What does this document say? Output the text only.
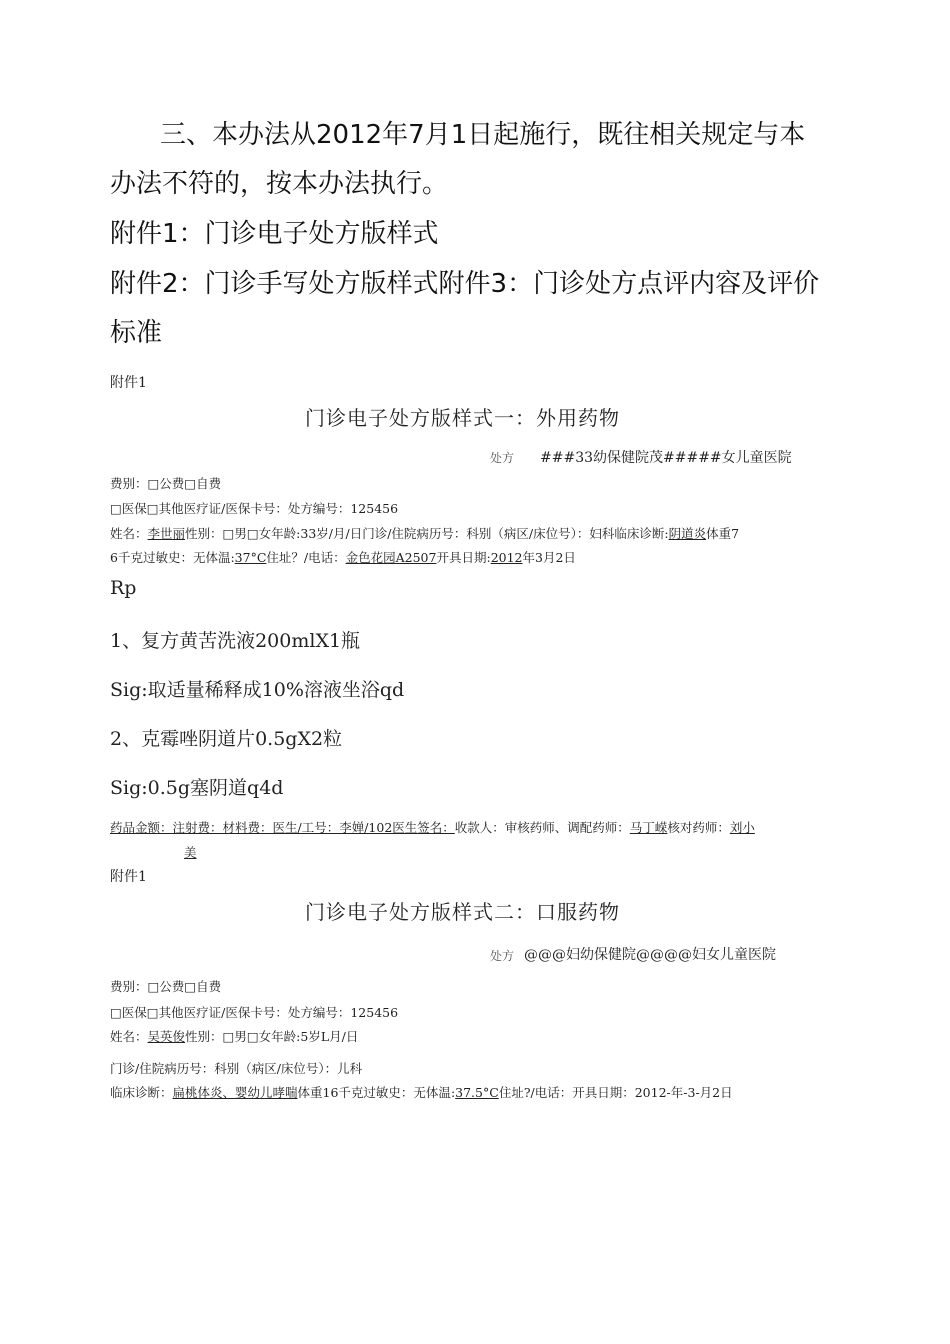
三、本办法从2012年7月1日起施行，既往相关规定与本
办法不符的，按本办法执行。
附件1：门诊电子处方版样式
附件2：门诊手写处方版样式附件3：门诊处方点评内容及评价
标准
附件1
门诊电子处方版样式一：外用药物
处方 ###33幼保健院茂#####女儿童医院
费别：□公费□自费
□医保□其他医疗证/医保卡号：处方编号：125456
姓名：李世丽性别：□男□女年龄:33岁/月/日门诊/住院病历号：科别（病区/床位号）：妇科临床诊断:阴道炎体重7
6千克过敏史：无体温:37°C住址？/电话：金色花园A2507开具日期:2012年3月2日
Rp
1、复方黄苦洗液200mlX1瓶
Sig:取适量稀释成10%溶液坐浴qd
2、克霉唑阴道片0.5gX2粒
Sig:0.5g塞阴道q4d
药品金额：注射费：材料费：医生/工号：李婵/102医生签名：收款人：审核药师、调配药师：马丁嵘核对药师：刘小
美
附件1
门诊电子处方版样式二：口服药物
处方 @@@妇幼保健院@@@@妇女儿童医院
费别：□公费□自费
□医保□其他医疗证/医保卡号：处方编号：125456
姓名：吴英俊性别：□男□女年龄:5岁L月/日
门诊/住院病历号：科别（病区/床位号）：儿科
临床诊断：扁桃体炎、婴幼儿哮喘体重16千克过敏史：无体温:37.5°C住址?/电话：开具日期：2012-年-3-月2日
